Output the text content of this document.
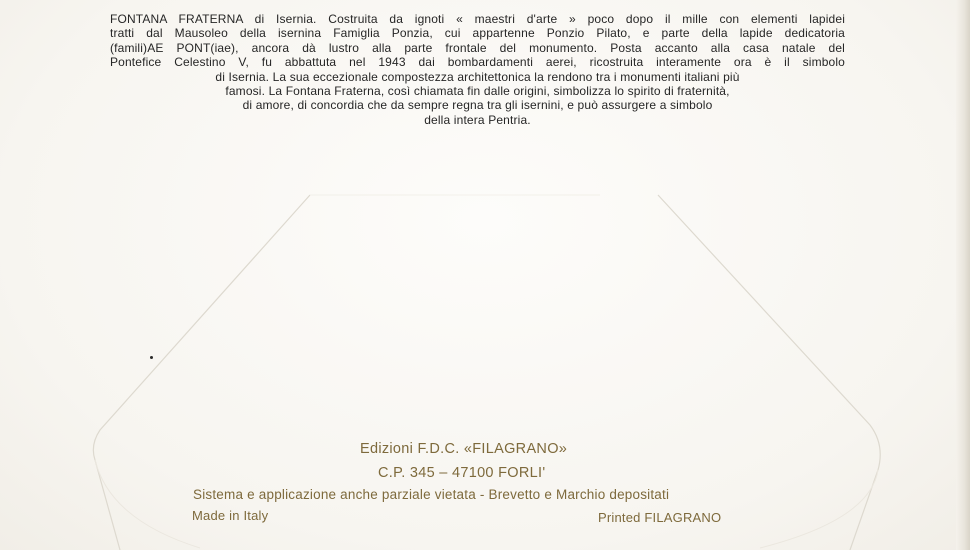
FONTANA FRATERNA di Isernia. Costruita da ignoti « maestri d'arte » poco dopo il mille con elementi lapidei
tratti dal Mausoleo della isernina Famiglia Ponzia, cui appartenne Ponzio Pilato, e parte della lapide dedicatoria
(famili)AE PONT(iae), ancora dà lustro alla parte frontale del monumento. Posta accanto alla casa natale del
Pontefice Celestino V, fu abbattuta nel 1943 dai bombardamenti aerei, ricostruita interamente ora è il simbolo
di Isernia. La sua eccezionale compostezza architettonica la rendono tra i monumenti italiani più
famosi. La Fontana Fraterna, così chiamata fin dalle origini, simbolizza lo spirito di fraternità,
di amore, di concordia che da sempre regna tra gli isernini, e può assurgere a simbolo
della intera Pentria.
Edizioni F.D.C. «FILAGRANO»
C.P. 345 – 47100 FORLI'
Sistema e applicazione anche parziale vietata - Brevetto e Marchio depositati
Made in Italy	Printed FILAGRANO
